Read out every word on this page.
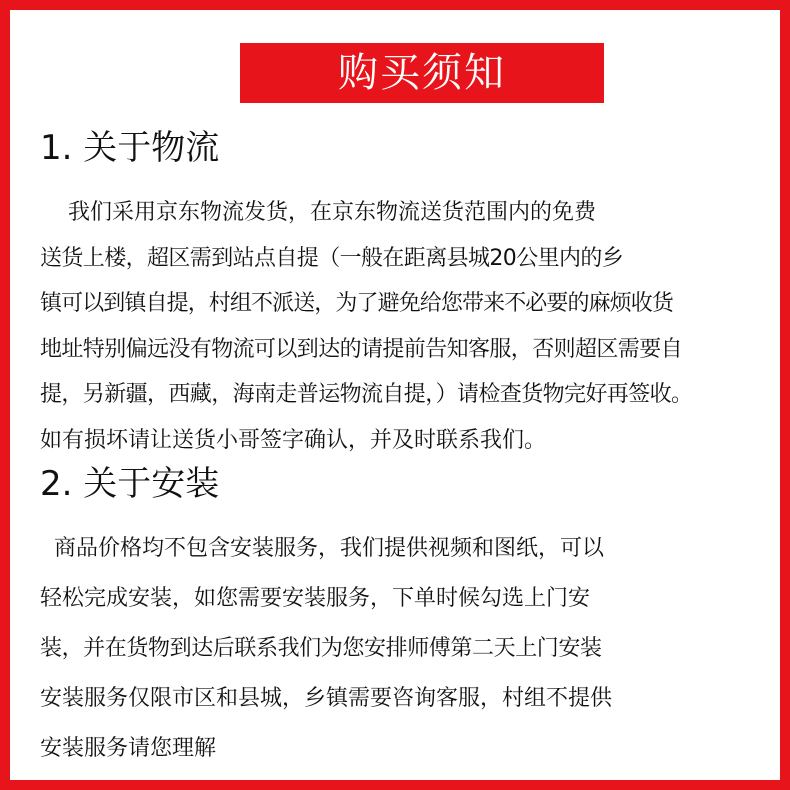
购买须知
1. 关于物流

我们采用京东物流发货，在京东物流送货范围内的免费
送货上楼，超区需到站点自提（一般在距离县城20公里内的乡
镇可以到镇自提，村组不派送，为了避免给您带来不必要的麻烦收货
地址特别偏远没有物流可以到达的请提前告知客服，否则超区需要自
提，另新疆，西藏，海南走普运物流自提，）请检查货物完好再签收。
如有损坏请让送货小哥签字确认，并及时联系我们。

2. 关于安装

商品价格均不包含安装服务，我们提供视频和图纸，可以
轻松完成安装，如您需要安装服务，下单时候勾选上门安
装，并在货物到达后联系我们为您安排师傅第二天上门安装
安装服务仅限市区和县城，乡镇需要咨询客服，村组不提供
安装服务请您理解
